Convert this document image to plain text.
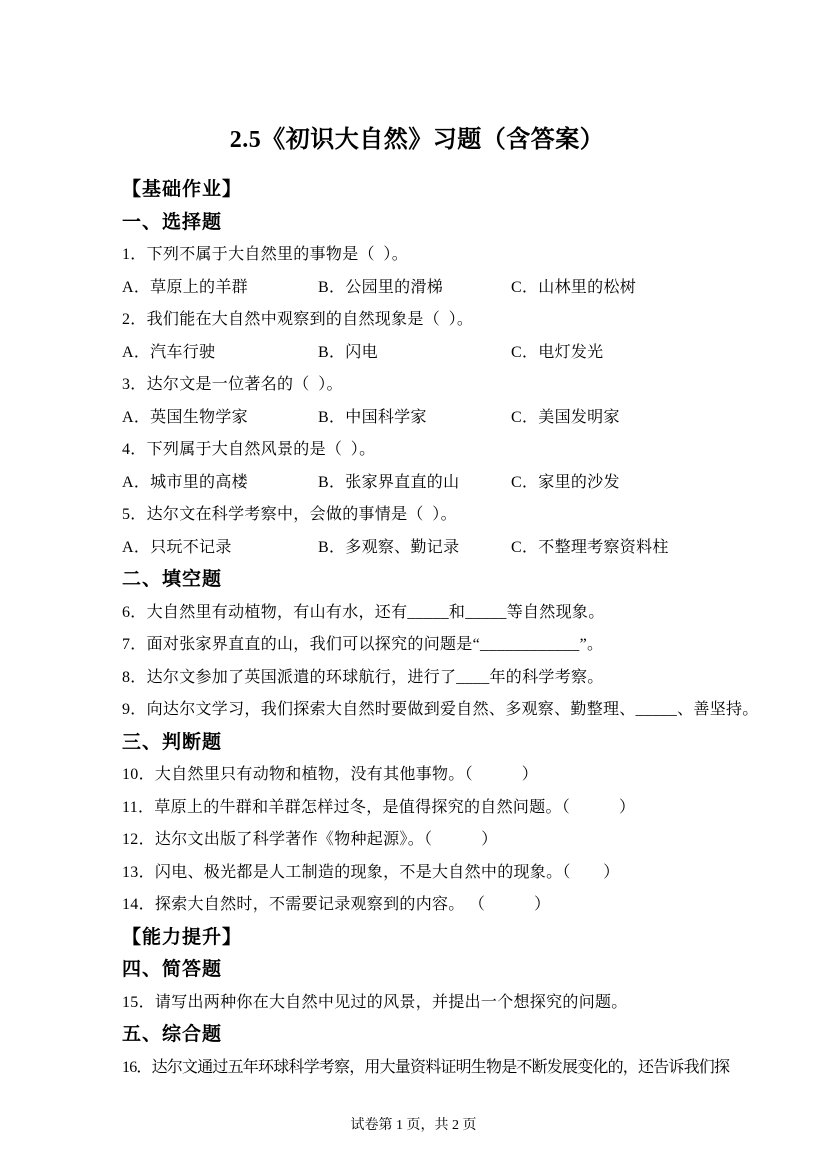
2.5《初识大自然》习题（含答案）
【基础作业】
一、选择题
1．下列不属于大自然里的事物是（  ）。
A．草原上的羊群	B．公园里的滑梯	C．山林里的松树
2．我们能在大自然中观察到的自然现象是（  ）。
A．汽车行驶	B．闪电	C．电灯发光
3．达尔文是一位著名的（  ）。
A．英国生物学家	B．中国科学家	C．美国发明家
4．下列属于大自然风景的是（  ）。
A．城市里的高楼	B．张家界直直的山	C．家里的沙发
5．达尔文在科学考察中，会做的事情是（  ）。
A．只玩不记录	B．多观察、勤记录	C．不整理考察资料柱
二、填空题
6．大自然里有动植物，有山有水，还有_____和_____等自然现象。
7．面对张家界直直的山，我们可以探究的问题是“____________”。
8．达尔文参加了英国派遣的环球航行，进行了____年的科学考察。
9．向达尔文学习，我们探索大自然时要做到爱自然、多观察、勤整理、_____、善坚持。
三、判断题
10．大自然里只有动物和植物，没有其他事物。（　　　）
11．草原上的牛群和羊群怎样过冬，是值得探究的自然问题。（　　　）
12．达尔文出版了科学著作《物种起源》。（　　　）
13．闪电、极光都是人工制造的现象，不是大自然中的现象。（　　）
14．探索大自然时，不需要记录观察到的内容。 （　　　）
【能力提升】
四、简答题
15．请写出两种你在大自然中见过的风景，并提出一个想探究的问题。
五、综合题
16．达尔文通过五年环球科学考察，用大量资料证明生物是不断发展变化的，还告诉我们探
试卷第 1 页，共 2 页
